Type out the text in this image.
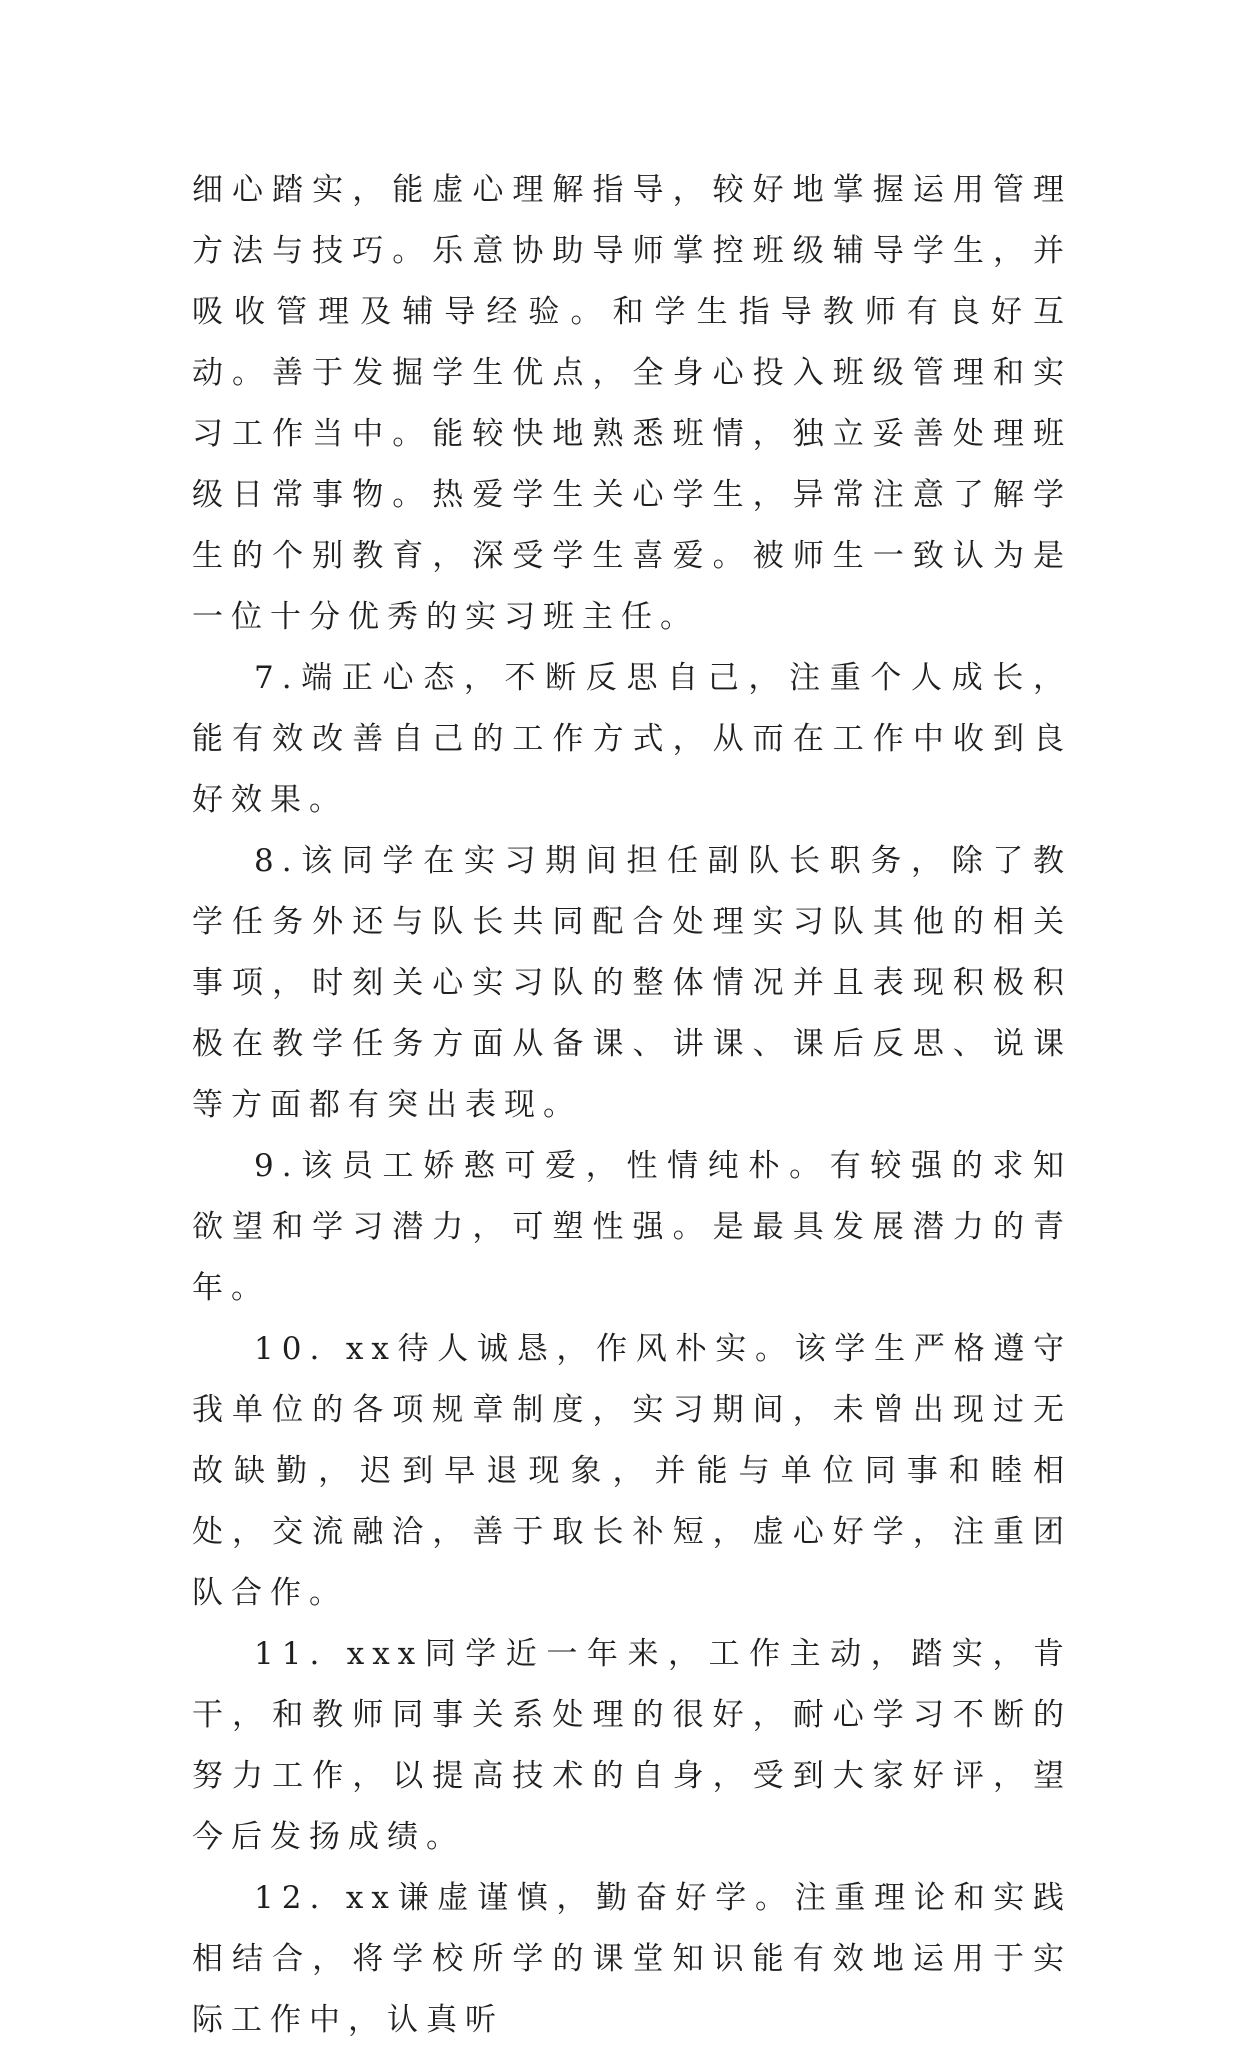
细心踏实，能虚心理解指导，较好地掌握运用管理方法与技巧。乐意协助导师掌控班级辅导学生，并吸收管理及辅导经验。和学生指导教师有良好互动。善于发掘学生优点，全身心投入班级管理和实习工作当中。能较快地熟悉班情，独立妥善处理班级日常事物。热爱学生关心学生，异常注意了解学生的个别教育，深受学生喜爱。被师生一致认为是一位十分优秀的实习班主任。

7.端正心态，不断反思自己，注重个人成长，能有效改善自己的工作方式，从而在工作中收到良好效果。

8.该同学在实习期间担任副队长职务，除了教学任务外还与队长共同配合处理实习队其他的相关事项，时刻关心实习队的整体情况并且表现积极积极在教学任务方面从备课、讲课、课后反思、说课等方面都有突出表现。

9.该员工娇憨可爱，性情纯朴。有较强的求知欲望和学习潜力，可塑性强。是最具发展潜力的青年。

10. xx待人诚恳，作风朴实。该学生严格遵守我单位的各项规章制度，实习期间，未曾出现过无故缺勤，迟到早退现象，并能与单位同事和睦相处，交流融洽，善于取长补短，虚心好学，注重团队合作。

11. xxx同学近一年来，工作主动，踏实，肯干，和教师同事关系处理的很好，耐心学习不断的努力工作，以提高技术的自身，受到大家好评，望今后发扬成绩。

12. xx谦虚谨慎，勤奋好学。注重理论和实践相结合，将学校所学的课堂知识能有效地运用于实际工作中，认真听
